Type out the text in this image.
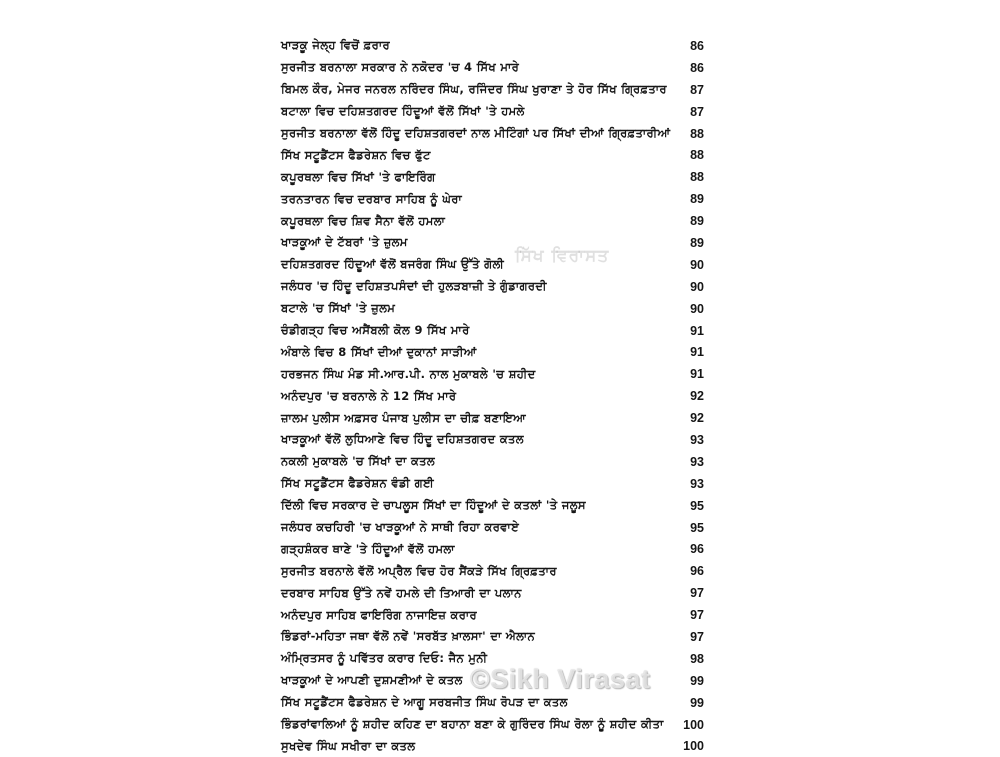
ਖਾੜਕੂ ਜੇਲ੍ਹ ਵਿਚੋਂ ਫ਼ਰਾਰ	86
ਸੁਰਜੀਤ ਬਰਨਾਲਾ ਸਰਕਾਰ ਨੇ ਨਕੋਦਰ 'ਚ 4 ਸਿੱਖ ਮਾਰੇ	86
ਬਿਮਲ ਕੌਰ, ਮੇਜਰ ਜਨਰਲ ਨਰਿੰਦਰ ਸਿੰਘ, ਰਜਿੰਦਰ ਸਿੰਘ ਖੁਰਾਣਾ ਤੇ ਹੋਰ ਸਿੱਖ ਗ੍ਰਿਫ਼ਤਾਰ 87
ਬਟਾਲਾ ਵਿਚ ਦਹਿਸ਼ਤਗਰਦ ਹਿੰਦੂਆਂ ਵੱਲੋਂ ਸਿੱਖਾਂ 'ਤੇ ਹਮਲੇ	87
ਸੁਰਜੀਤ ਬਰਨਾਲਾ ਵੱਲੋਂ ਹਿੰਦੂ ਦਹਿਸ਼ਤਗਰਦਾਂ ਨਾਲ ਮੀਟਿੰਗਾਂ ਪਰ ਸਿੱਖਾਂ ਦੀਆਂ ਗ੍ਰਿਫ਼ਤਾਰੀਆਂ 88
ਸਿੱਖ ਸਟੂਡੈਂਟਸ ਫੈਡਰੇਸ਼ਨ ਵਿਚ ਫੁੱਟ	88
ਕਪੂਰਥਲਾ ਵਿਚ ਸਿੱਖਾਂ 'ਤੇ ਫਾਇਰਿੰਗ	88
ਤਰਨਤਾਰਨ ਵਿਚ ਦਰਬਾਰ ਸਾਹਿਬ ਨੂੰ ਘੇਰਾ	89
ਕਪੂਰਥਲਾ ਵਿਚ ਸ਼ਿਵ ਸੈਨਾ ਵੱਲੋਂ ਹਮਲਾ	89
ਖਾੜਕੂਆਂ ਦੇ ਟੱਬਰਾਂ 'ਤੇ ਜ਼ੁਲਮ	89
ਦਹਿਸ਼ਤਗਰਦ ਹਿੰਦੂਆਂ ਵੱਲੋਂ ਬਜਰੰਗ ਸਿੰਘ ਉੱਤੇ ਗੋਲੀ	90
ਜਲੰਧਰ 'ਚ ਹਿੰਦੂ ਦਹਿਸ਼ਤਪਸੰਦਾਂ ਦੀ ਹੁਲੜਬਾਜ਼ੀ ਤੇ ਗੁੰਡਾਗਰਦੀ	90
ਬਟਾਲੇ 'ਚ ਸਿੱਖਾਂ 'ਤੇ ਜ਼ੁਲਮ	90
ਚੰਡੀਗੜ੍ਹ ਵਿਚ ਅਸੈਂਬਲੀ ਕੋਲ 9 ਸਿੱਖ ਮਾਰੇ	91
ਅੰਬਾਲੇ ਵਿਚ 8 ਸਿੱਖਾਂ ਦੀਆਂ ਦੁਕਾਨਾਂ ਸਾੜੀਆਂ	91
ਹਰਭਜਨ ਸਿੰਘ ਮੰਡ ਸੀ.ਆਰ.ਪੀ. ਨਾਲ ਮੁਕਾਬਲੇ 'ਚ ਸ਼ਹੀਦ	91
ਅਨੰਦਪੁਰ 'ਚ ਬਰਨਾਲੇ ਨੇ 12 ਸਿੱਖ ਮਾਰੇ	92
ਜ਼ਾਲਮ ਪੁਲੀਸ ਅਫ਼ਸਰ ਪੰਜਾਬ ਪੁਲੀਸ ਦਾ ਚੀਫ਼ ਬਣਾਇਆ	92
ਖਾੜਕੂਆਂ ਵੱਲੋਂ ਲੁਧਿਆਣੇ ਵਿਚ ਹਿੰਦੂ ਦਹਿਸ਼ਤਗਰਦ ਕਤਲ	93
ਨਕਲੀ ਮੁਕਾਬਲੇ 'ਚ ਸਿੱਖਾਂ ਦਾ ਕਤਲ	93
ਸਿੱਖ ਸਟੂਡੈਂਟਸ ਫੈਡਰੇਸ਼ਨ ਵੰਡੀ ਗਈ	93
ਦਿੱਲੀ ਵਿਚ ਸਰਕਾਰ ਦੇ ਚਾਪਲੂਸ ਸਿੱਖਾਂ ਦਾ ਹਿੰਦੂਆਂ ਦੇ ਕਤਲਾਂ 'ਤੇ ਜਲੂਸ	95
ਜਲੰਧਰ ਕਚਹਿਰੀ 'ਚ ਖਾੜਕੂਆਂ ਨੇ ਸਾਥੀ ਰਿਹਾ ਕਰਵਾਏ	95
ਗੜ੍ਹਸ਼ੰਕਰ ਥਾਣੇ 'ਤੇ ਹਿੰਦੂਆਂ ਵੱਲੋਂ ਹਮਲਾ	96
ਸੁਰਜੀਤ ਬਰਨਾਲੇ ਵੱਲੋਂ ਅਪ੍ਰੈਲ ਵਿਚ ਹੋਰ ਸੈਂਕੜੇ ਸਿੱਖ ਗ੍ਰਿਫ਼ਤਾਰ	96
ਦਰਬਾਰ ਸਾਹਿਬ ਉੱਤੇ ਨਵੇਂ ਹਮਲੇ ਦੀ ਤਿਆਰੀ ਦਾ ਪਲਾਨ	97
ਅਨੰਦਪੁਰ ਸਾਹਿਬ ਫਾਇਰਿੰਗ ਨਾਜਾਇਜ਼ ਕਰਾਰ	97
ਭਿੰਡਰਾਂ-ਮਹਿਤਾ ਜਥਾ ਵੱਲੋਂ ਨਵੇਂ 'ਸਰਬੱਤ ਖ਼ਾਲਸਾ' ਦਾ ਐਲਾਨ	97
ਅੰਮ੍ਰਿਤਸਰ ਨੂੰ ਪਵਿੱਤਰ ਕਰਾਰ ਦਿਓ: ਜੈਨ ਮੁਨੀ	98
ਖਾੜਕੂਆਂ ਦੇ ਆਪਣੀ ਦੁਸ਼ਮਣੀਆਂ ਦੇ ਕਤਲ	99
ਸਿੱਖ ਸਟੂਡੈਂਟਸ ਫੈਡਰੇਸ਼ਨ ਦੇ ਆਗੂ ਸਰਬਜੀਤ ਸਿੰਘ ਰੋਪੜ ਦਾ ਕਤਲ	99
ਭਿੰਡਰਾਂਵਾਲਿਆਂ ਨੂੰ ਸ਼ਹੀਦ ਕਹਿਣ ਦਾ ਬਹਾਨਾ ਬਣਾ ਕੇ ਗੁਰਿੰਦਰ ਸਿੰਘ ਰੋਲਾ ਨੂੰ ਸ਼ਹੀਦ ਕੀਤਾ 100
ਸੁਖਦੇਵ ਸਿੰਘ ਸਖੀਰਾ ਦਾ ਕਤਲ	100
ਸਿੱਖ ਵਿਰਾਸਤ
©Sikh Virasat
